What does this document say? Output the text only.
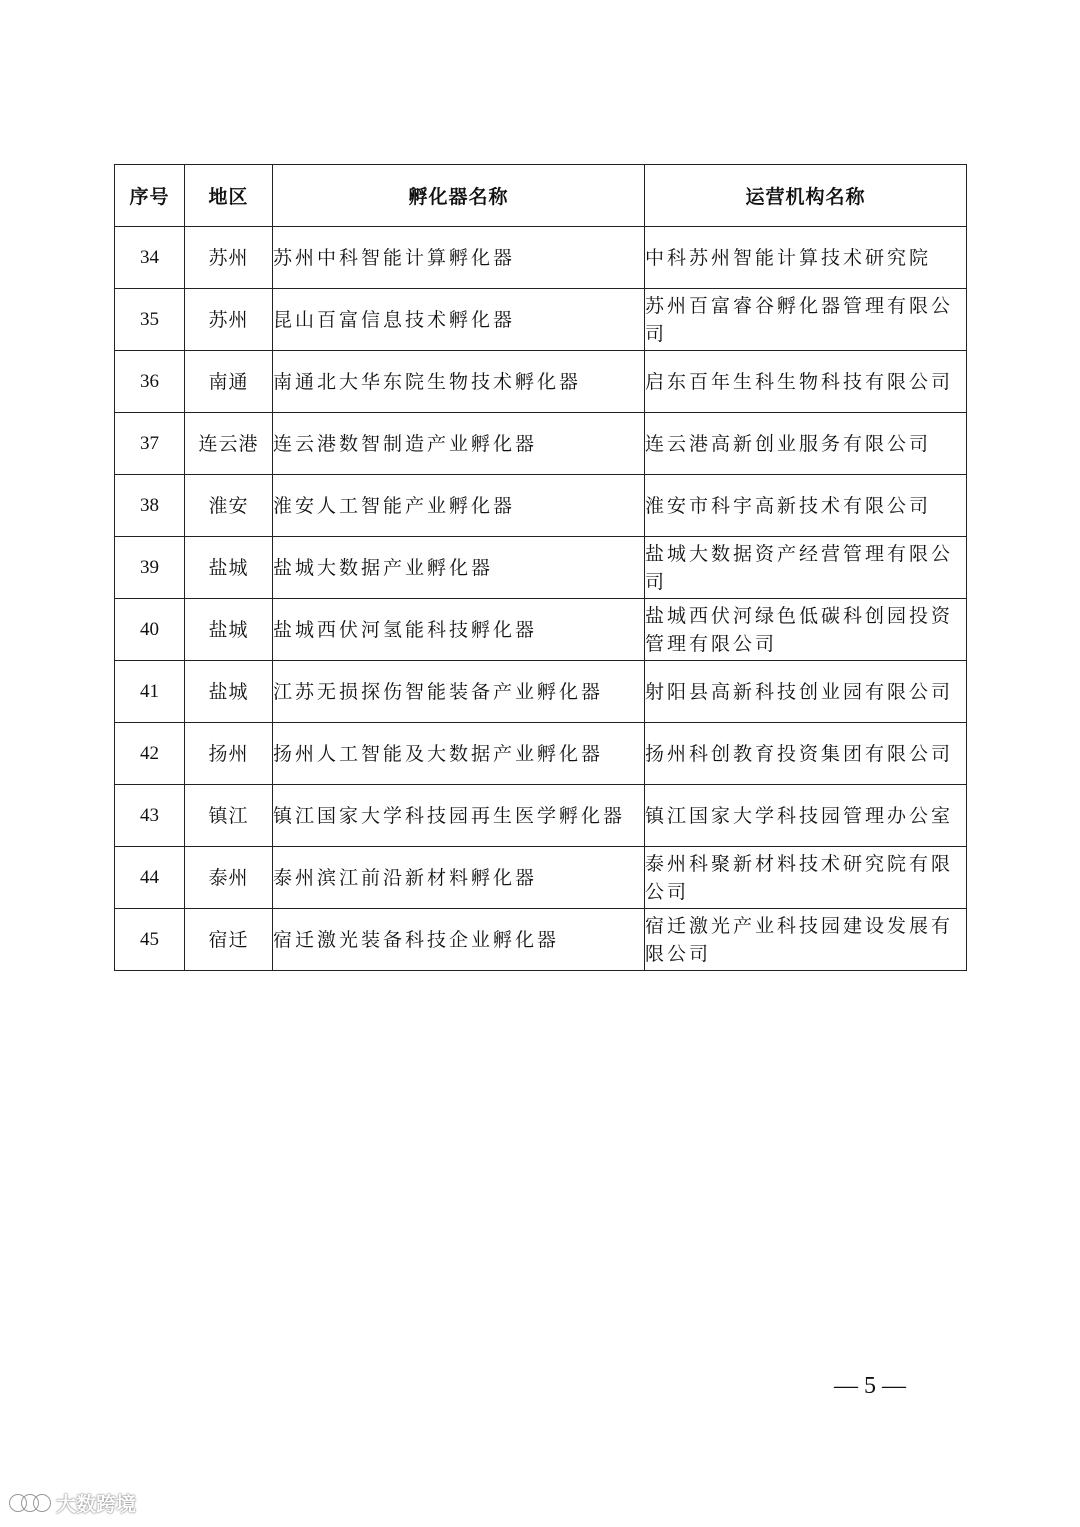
序号	地区	孵化器名称	运营机构名称
34	苏州	苏州中科智能计算孵化器	中科苏州智能计算技术研究院
35	苏州	昆山百富信息技术孵化器	苏州百富睿谷孵化器管理有限公司
36	南通	南通北大华东院生物技术孵化器	启东百年生科生物科技有限公司
37	连云港	连云港数智制造产业孵化器	连云港高新创业服务有限公司
38	淮安	淮安人工智能产业孵化器	淮安市科宇高新技术有限公司
39	盐城	盐城大数据产业孵化器	盐城大数据资产经营管理有限公司
40	盐城	盐城西伏河氢能科技孵化器	盐城西伏河绿色低碳科创园投资管理有限公司
41	盐城	江苏无损探伤智能装备产业孵化器	射阳县高新科技创业园有限公司
42	扬州	扬州人工智能及大数据产业孵化器	扬州科创教育投资集团有限公司
43	镇江	镇江国家大学科技园再生医学孵化器	镇江国家大学科技园管理办公室
44	泰州	泰州滨江前沿新材料孵化器	泰州科聚新材料技术研究院有限公司
45	宿迁	宿迁激光装备科技企业孵化器	宿迁激光产业科技园建设发展有限公司
— 5 —
大数跨境
